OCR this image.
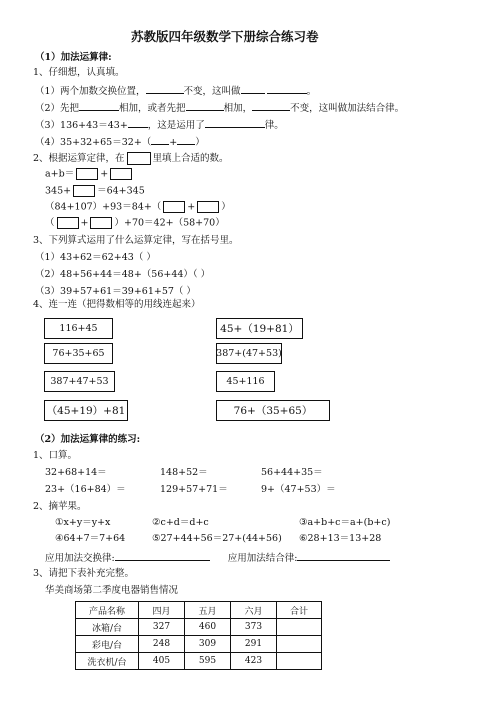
苏教版四年级数学下册综合练习卷
（1）加法运算律:
1、仔细想，认真填。
（1）两个加数交换位置，	不变，这叫做	。
（2）先把	相加，或者先把	相加，	不变，这叫做加法结合律。
（3）136+43＝43+ ，这是运用了	律。
（4）35+32+65＝32+（ + ）
2、根据运算定律，在	里填上合适的数。
a+b＝	+
345+	＝64+345
（84+107）+93＝84+（	+	）
（	+	）+70＝42+（58+70）
3、下列算式运用了什么运算定律，写在括号里。
（1）43+62＝62+43（ ）
（2）48+56+44＝48+（56+44）（ ）
（3）39+57+61＝39+61+57（ ）
4、连一连（把得数相等的用线连起来）
116+45
76+35+65
387+47+53
（45+19）+81
45+（19+81）
387+(47+53)
45+116
76+（35+65）
（2）加法运算律的练习:
1、口算。
32+68+14＝	148+52＝	56+44+35＝
23+（16+84）＝	129+57+71＝	9+（47+53）＝
2、摘苹果。
①x+y＝y+x	②c+d＝d+c	③a+b+c＝a+(b+c)
④64+7＝7+64	⑤27+44+56＝27+(44+56) ⑥28+13＝13+28
应用加法交换律:	应用加法结合律:
3、请把下表补充完整。
华美商场第二季度电器销售情况
产品名称	四月	五月	六月	合计
冰箱/台	327	460	373	
彩电/台	248	309	291	
洗衣机/台	405	595	423	
